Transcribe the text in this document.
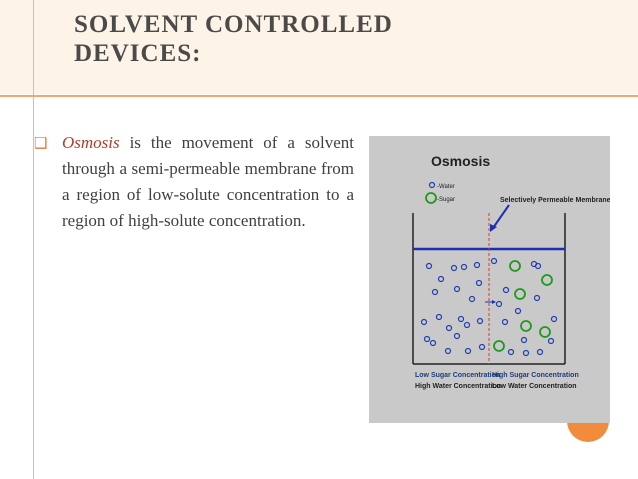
SOLVENT CONTROLLED
DEVICES:
❑ Osmosis is the movement of a solvent through a semi-permeable membrane from a region of low-solute concentration to a region of high-solute concentration.
Osmosis
-Water
-Sugar	Selectively Permeable Membrane
Low Sugar Concentration
High Water Concentration
High Sugar Concentration
Low Water Concentration
